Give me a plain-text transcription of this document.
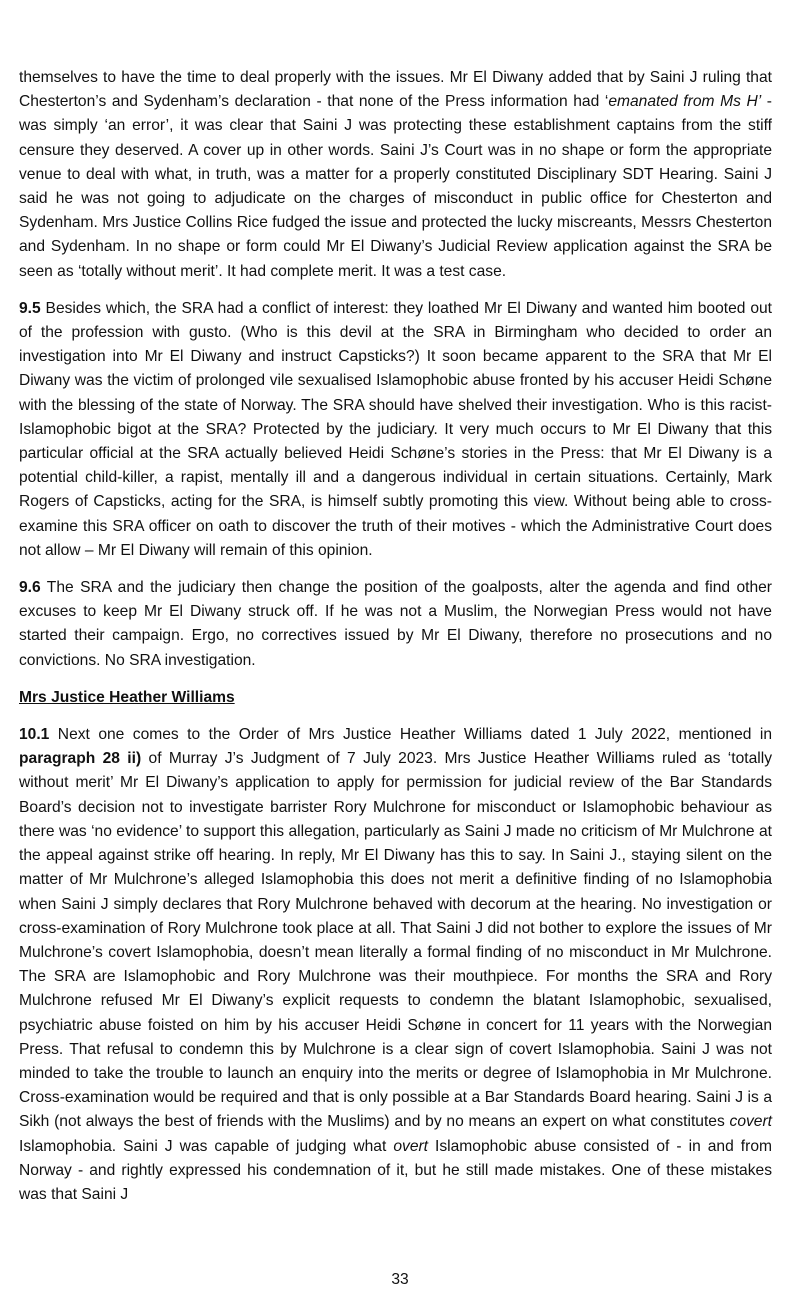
themselves to have the time to deal properly with the issues. Mr El Diwany added that by Saini J ruling that Chesterton’s and Sydenham’s declaration - that none of the Press information had ‘emanated from Ms H’ - was simply ‘an error’, it was clear that Saini J was protecting these establishment captains from the stiff censure they deserved. A cover up in other words. Saini J’s Court was in no shape or form the appropriate venue to deal with what, in truth, was a matter for a properly constituted Disciplinary SDT Hearing. Saini J said he was not going to adjudicate on the charges of misconduct in public office for Chesterton and Sydenham. Mrs Justice Collins Rice fudged the issue and protected the lucky miscreants, Messrs Chesterton and Sydenham. In no shape or form could Mr El Diwany’s Judicial Review application against the SRA be seen as ‘totally without merit’. It had complete merit. It was a test case.

9.5 Besides which, the SRA had a conflict of interest: they loathed Mr El Diwany and wanted him booted out of the profession with gusto. (Who is this devil at the SRA in Birmingham who decided to order an investigation into Mr El Diwany and instruct Capsticks?) It soon became apparent to the SRA that Mr El Diwany was the victim of prolonged vile sexualised Islamophobic abuse fronted by his accuser Heidi Schøne with the blessing of the state of Norway. The SRA should have shelved their investigation. Who is this racist-Islamophobic bigot at the SRA? Protected by the judiciary. It very much occurs to Mr El Diwany that this particular official at the SRA actually believed Heidi Schøne’s stories in the Press: that Mr El Diwany is a potential child-killer, a rapist, mentally ill and a dangerous individual in certain situations. Certainly, Mark Rogers of Capsticks, acting for the SRA, is himself subtly promoting this view. Without being able to cross-examine this SRA officer on oath to discover the truth of their motives - which the Administrative Court does not allow – Mr El Diwany will remain of this opinion.

9.6 The SRA and the judiciary then change the position of the goalposts, alter the agenda and find other excuses to keep Mr El Diwany struck off. If he was not a Muslim, the Norwegian Press would not have started their campaign. Ergo, no correctives issued by Mr El Diwany, therefore no prosecutions and no convictions. No SRA investigation.

Mrs Justice Heather Williams

10.1 Next one comes to the Order of Mrs Justice Heather Williams dated 1 July 2022, mentioned in paragraph 28 ii) of Murray J’s Judgment of 7 July 2023. Mrs Justice Heather Williams ruled as ‘totally without merit’ Mr El Diwany’s application to apply for permission for judicial review of the Bar Standards Board’s decision not to investigate barrister Rory Mulchrone for misconduct or Islamophobic behaviour as there was ‘no evidence’ to support this allegation, particularly as Saini J made no criticism of Mr Mulchrone at the appeal against strike off hearing. In reply, Mr El Diwany has this to say. In Saini J., staying silent on the matter of Mr Mulchrone’s alleged Islamophobia this does not merit a definitive finding of no Islamophobia when Saini J simply declares that Rory Mulchrone behaved with decorum at the hearing. No investigation or cross-examination of Rory Mulchrone took place at all. That Saini J did not bother to explore the issues of Mr Mulchrone’s covert Islamophobia, doesn’t mean literally a formal finding of no misconduct in Mr Mulchrone. The SRA are Islamophobic and Rory Mulchrone was their mouthpiece. For months the SRA and Rory Mulchrone refused Mr El Diwany’s explicit requests to condemn the blatant Islamophobic, sexualised, psychiatric abuse foisted on him by his accuser Heidi Schøne in concert for 11 years with the Norwegian Press. That refusal to condemn this by Mulchrone is a clear sign of covert Islamophobia. Saini J was not minded to take the trouble to launch an enquiry into the merits or degree of Islamophobia in Mr Mulchrone. Cross-examination would be required and that is only possible at a Bar Standards Board hearing. Saini J is a Sikh (not always the best of friends with the Muslims) and by no means an expert on what constitutes covert Islamophobia. Saini J was capable of judging what overt Islamophobic abuse consisted of - in and from Norway - and rightly expressed his condemnation of it, but he still made mistakes. One of these mistakes was that Saini J

33
